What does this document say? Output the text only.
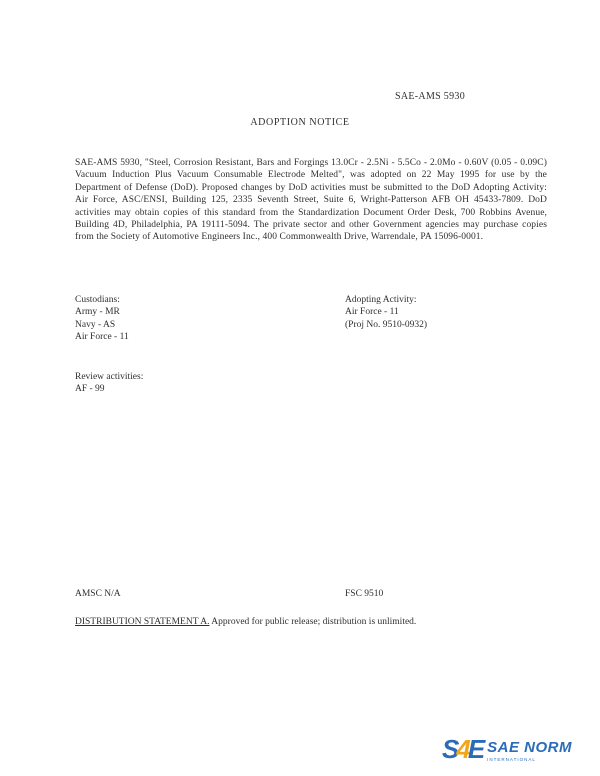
SAE-AMS 5930
ADOPTION NOTICE
SAE-AMS 5930, "Steel, Corrosion Resistant, Bars and Forgings 13.0Cr - 2.5Ni - 5.5Co - 2.0Mo - 0.60V (0.05 - 0.09C) Vacuum Induction Plus Vacuum Consumable Electrode Melted", was adopted on 22 May 1995 for use by the Department of Defense (DoD). Proposed changes by DoD activities must be submitted to the DoD Adopting Activity: Air Force, ASC/ENSI, Building 125, 2335 Seventh Street, Suite 6, Wright-Patterson AFB OH 45433-7809. DoD activities may obtain copies of this standard from the Standardization Document Order Desk, 700 Robbins Avenue, Building 4D, Philadelphia, PA 19111-5094. The private sector and other Government agencies may purchase copies from the Society of Automotive Engineers Inc., 400 Commonwealth Drive, Warrendale, PA 15096-0001.
Custodians:
Army - MR
Navy - AS
Air Force - 11
Adopting Activity:
Air Force - 11
(Proj No. 9510-0932)
Review activities:
AF - 99
AMSC N/A	FSC 9510
DISTRIBUTION STATEMENT A. Approved for public release; distribution is unlimited.
S4E SAE NORM
INTERNATIONAL
